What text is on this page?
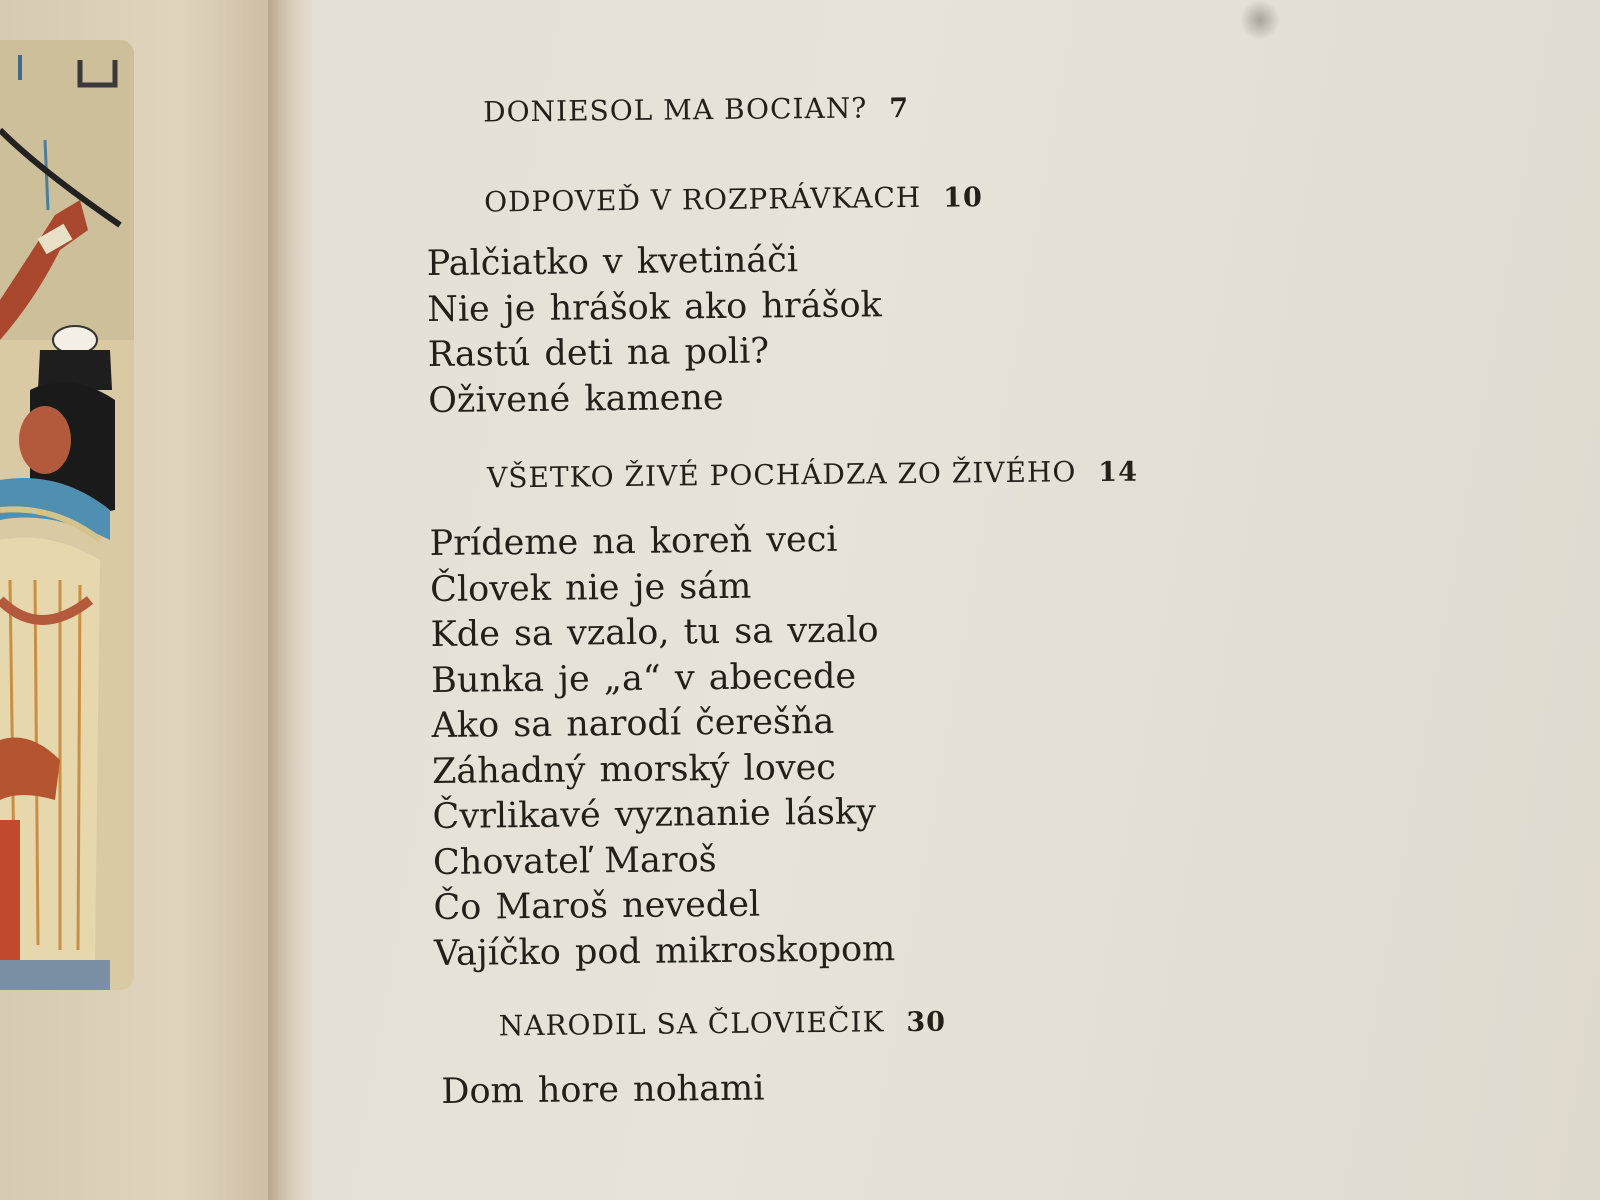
DONIESOL MA BOCIAN? 7
ODPOVEĎ V ROZPRÁVKACH 10
Palčiatko v kvetináči
Nie je hrášok ako hrášok
Rastú deti na poli?
Oživené kamene
VŠETKO ŽIVÉ POCHÁDZA ZO ŽIVÉHO 14
Prídeme na koreň veci
Človek nie je sám
Kde sa vzalo, tu sa vzalo
Bunka je „a“ v abecede
Ako sa narodí čerešňa
Záhadný morský lovec
Čvrlikavé vyznanie lásky
Chovateľ Maroš
Čo Maroš nevedel
Vajíčko pod mikroskopom
NARODIL SA ČLOVIEČIK 30
Dom hore nohami
